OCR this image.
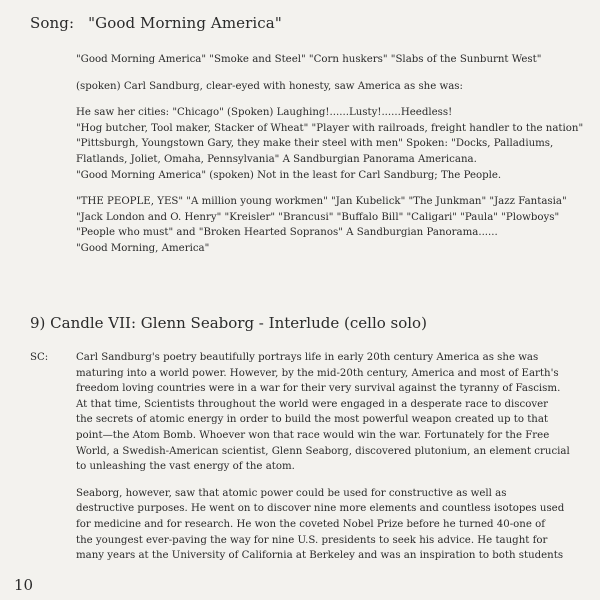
Song: "Good Morning America"
"Good Morning America" "Smoke and Steel" "Corn huskers" "Slabs of the Sunburnt West"
(spoken) Carl Sandburg, clear-eyed with honesty, saw America as she was:
He saw her cities: "Chicago" (Spoken) Laughing!......Lusty!......Heedless!
"Hog butcher, Tool maker, Stacker of Wheat" "Player with railroads, freight handler to the nation"
"Pittsburgh, Youngstown Gary, they make their steel with men" Spoken: "Docks, Palladiums,
Flatlands, Joliet, Omaha, Pennsylvania" A Sandburgian Panorama Americana.
"Good Morning America" (spoken) Not in the least for Carl Sandburg; The People.
"THE PEOPLE, YES" "A million young workmen" "Jan Kubelick" "The Junkman" "Jazz Fantasia"
"Jack London and O. Henry" "Kreisler" "Brancusi" "Buffalo Bill" "Caligari" "Paula" "Plowboys"
"People who must" and "Broken Hearted Sopranos" A Sandburgian Panorama......
"Good Morning, America"
9) Candle VII: Glenn Seaborg - Interlude (cello solo)
SC:	Carl Sandburg's poetry beautifully portrays life in early 20th century America as she was
maturing into a world power. However, by the mid-20th century, America and most of Earth's
freedom loving countries were in a war for their very survival against the tyranny of Fascism.
At that time, Scientists throughout the world were engaged in a desperate race to discover
the secrets of atomic energy in order to build the most powerful weapon created up to that
point—the Atom Bomb. Whoever won that race would win the war. Fortunately for the Free
World, a Swedish-American scientist, Glenn Seaborg, discovered plutonium, an element crucial
to unleashing the vast energy of the atom.
Seaborg, however, saw that atomic power could be used for constructive as well as
destructive purposes. He went on to discover nine more elements and countless isotopes used
for medicine and for research. He won the coveted Nobel Prize before he turned 40-one of
the youngest ever-paving the way for nine U.S. presidents to seek his advice. He taught for
many years at the University of California at Berkeley and was an inspiration to both students
10
